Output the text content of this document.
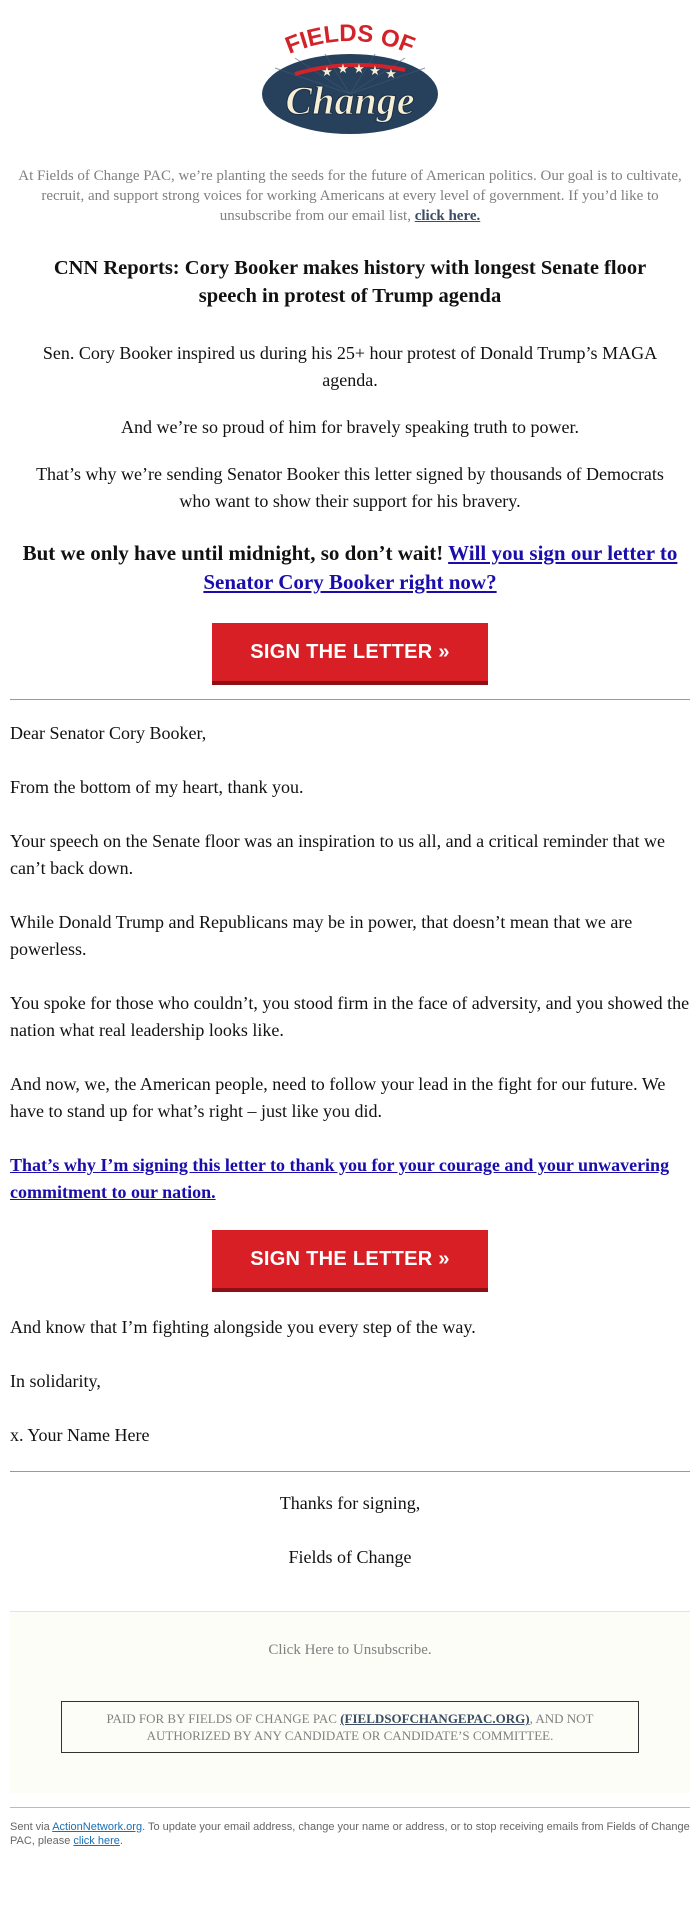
FIELDS OF
★ ★ ★ ★ ★
Change
At Fields of Change PAC, we’re planting the seeds for the future of American politics. Our goal is to cultivate, recruit, and support strong voices for working Americans at every level of government. If you’d like to unsubscribe from our email list, click here.
CNN Reports: Cory Booker makes history with longest Senate floor speech in protest of Trump agenda
Sen. Cory Booker inspired us during his 25+ hour protest of Donald Trump’s MAGA agenda.
And we’re so proud of him for bravely speaking truth to power.
That’s why we’re sending Senator Booker this letter signed by thousands of Democrats who want to show their support for his bravery.
But we only have until midnight, so don’t wait! Will you sign our letter to Senator Cory Booker right now?
SIGN THE LETTER »

Dear Senator Cory Booker,

From the bottom of my heart, thank you.

Your speech on the Senate floor was an inspiration to us all, and a critical reminder that we can’t back down.

While Donald Trump and Republicans may be in power, that doesn’t mean that we are powerless.

You spoke for those who couldn’t, you stood firm in the face of adversity, and you showed the nation what real leadership looks like.

And now, we, the American people, need to follow your lead in the fight for our future. We have to stand up for what’s right – just like you did.

That’s why I’m signing this letter to thank you for your courage and your unwavering commitment to our nation.

SIGN THE LETTER »

And know that I’m fighting alongside you every step of the way.

In solidarity,

x. Your Name Here

Thanks for signing,
Fields of Change
Click Here to Unsubscribe.
PAID FOR BY FIELDS OF CHANGE PAC (FIELDSOFCHANGEPAC.ORG), AND NOT AUTHORIZED BY ANY CANDIDATE OR CANDIDATE’S COMMITTEE.
Sent via ActionNetwork.org. To update your email address, change your name or address, or to stop receiving emails from Fields of Change PAC, please click here.
